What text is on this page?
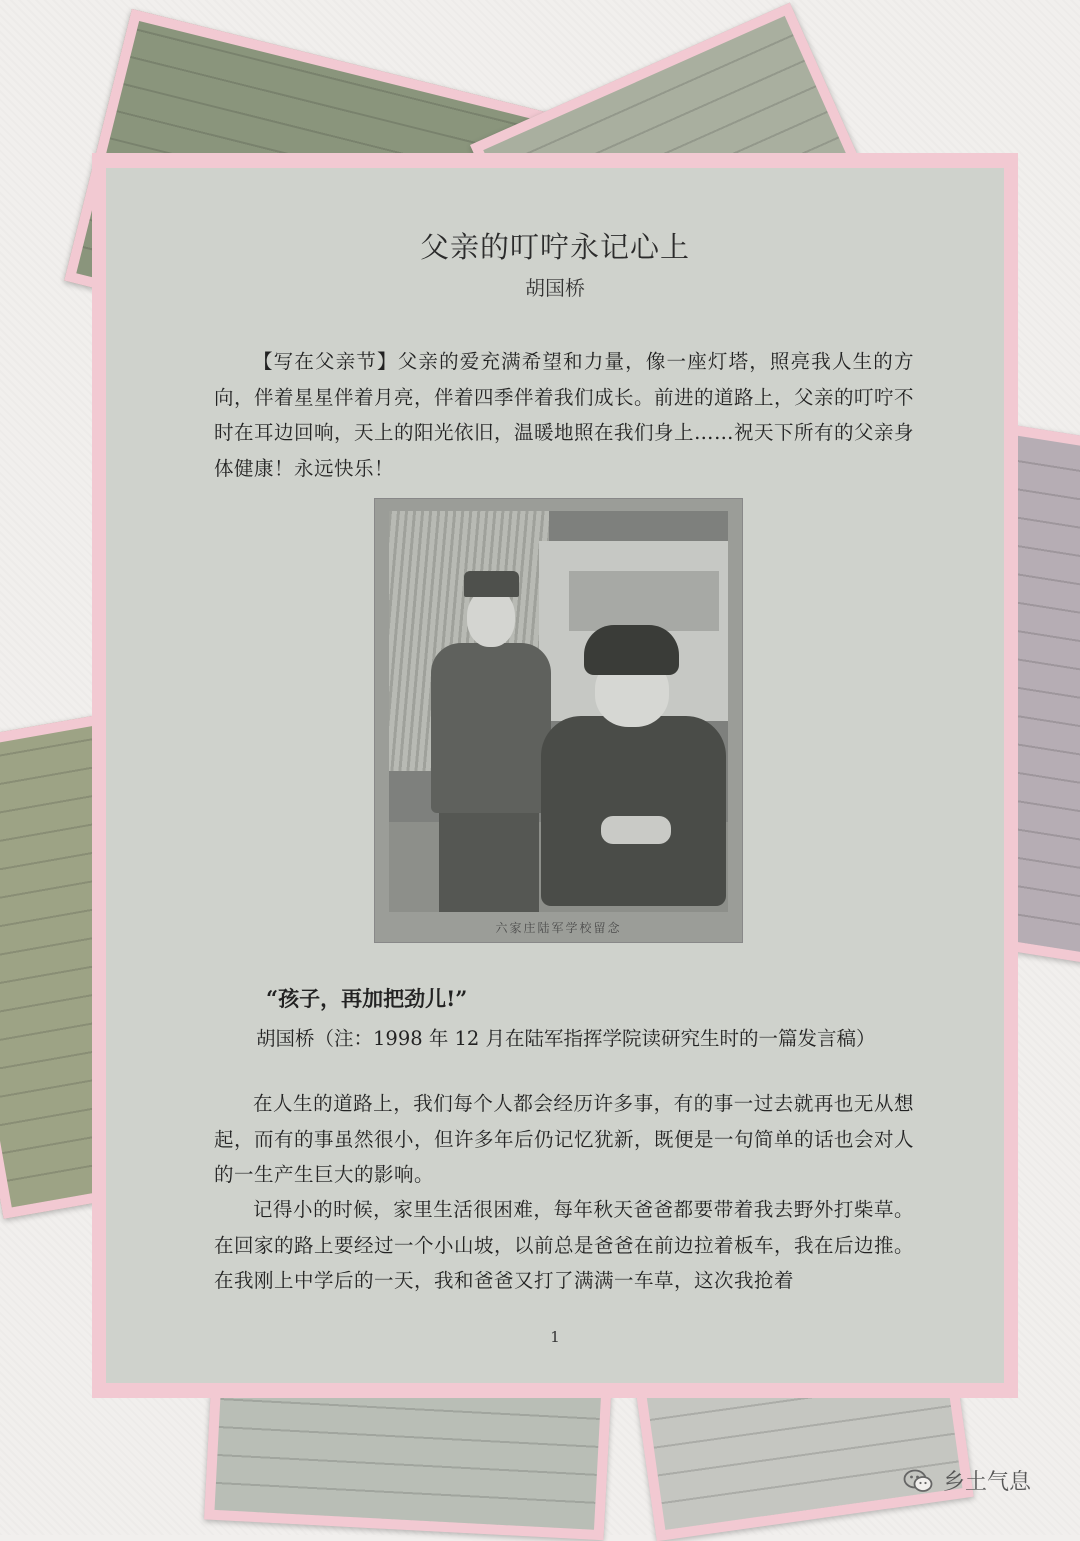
父亲的叮咛永记心上
胡国桥
【写在父亲节】父亲的爱充满希望和力量，像一座灯塔，照亮我人生的方向，伴着星星伴着月亮，伴着四季伴着我们成长。前进的道路上，父亲的叮咛不时在耳边回响，天上的阳光依旧，温暖地照在我们身上……祝天下所有的父亲身体健康！永远快乐！
六家庄陆军学校留念
“孩子，再加把劲儿!”
胡国桥（注：1998 年 12 月在陆军指挥学院读研究生时的一篇发言稿）
在人生的道路上，我们每个人都会经历许多事，有的事一过去就再也无从想起，而有的事虽然很小，但许多年后仍记忆犹新，既便是一句简单的话也会对人的一生产生巨大的影响。
记得小的时候，家里生活很困难，每年秋天爸爸都要带着我去野外打柴草。在回家的路上要经过一个小山坡，以前总是爸爸在前边拉着板车，我在后边推。在我刚上中学后的一天，我和爸爸又打了满满一车草，这次我抢着
1
乡土气息
